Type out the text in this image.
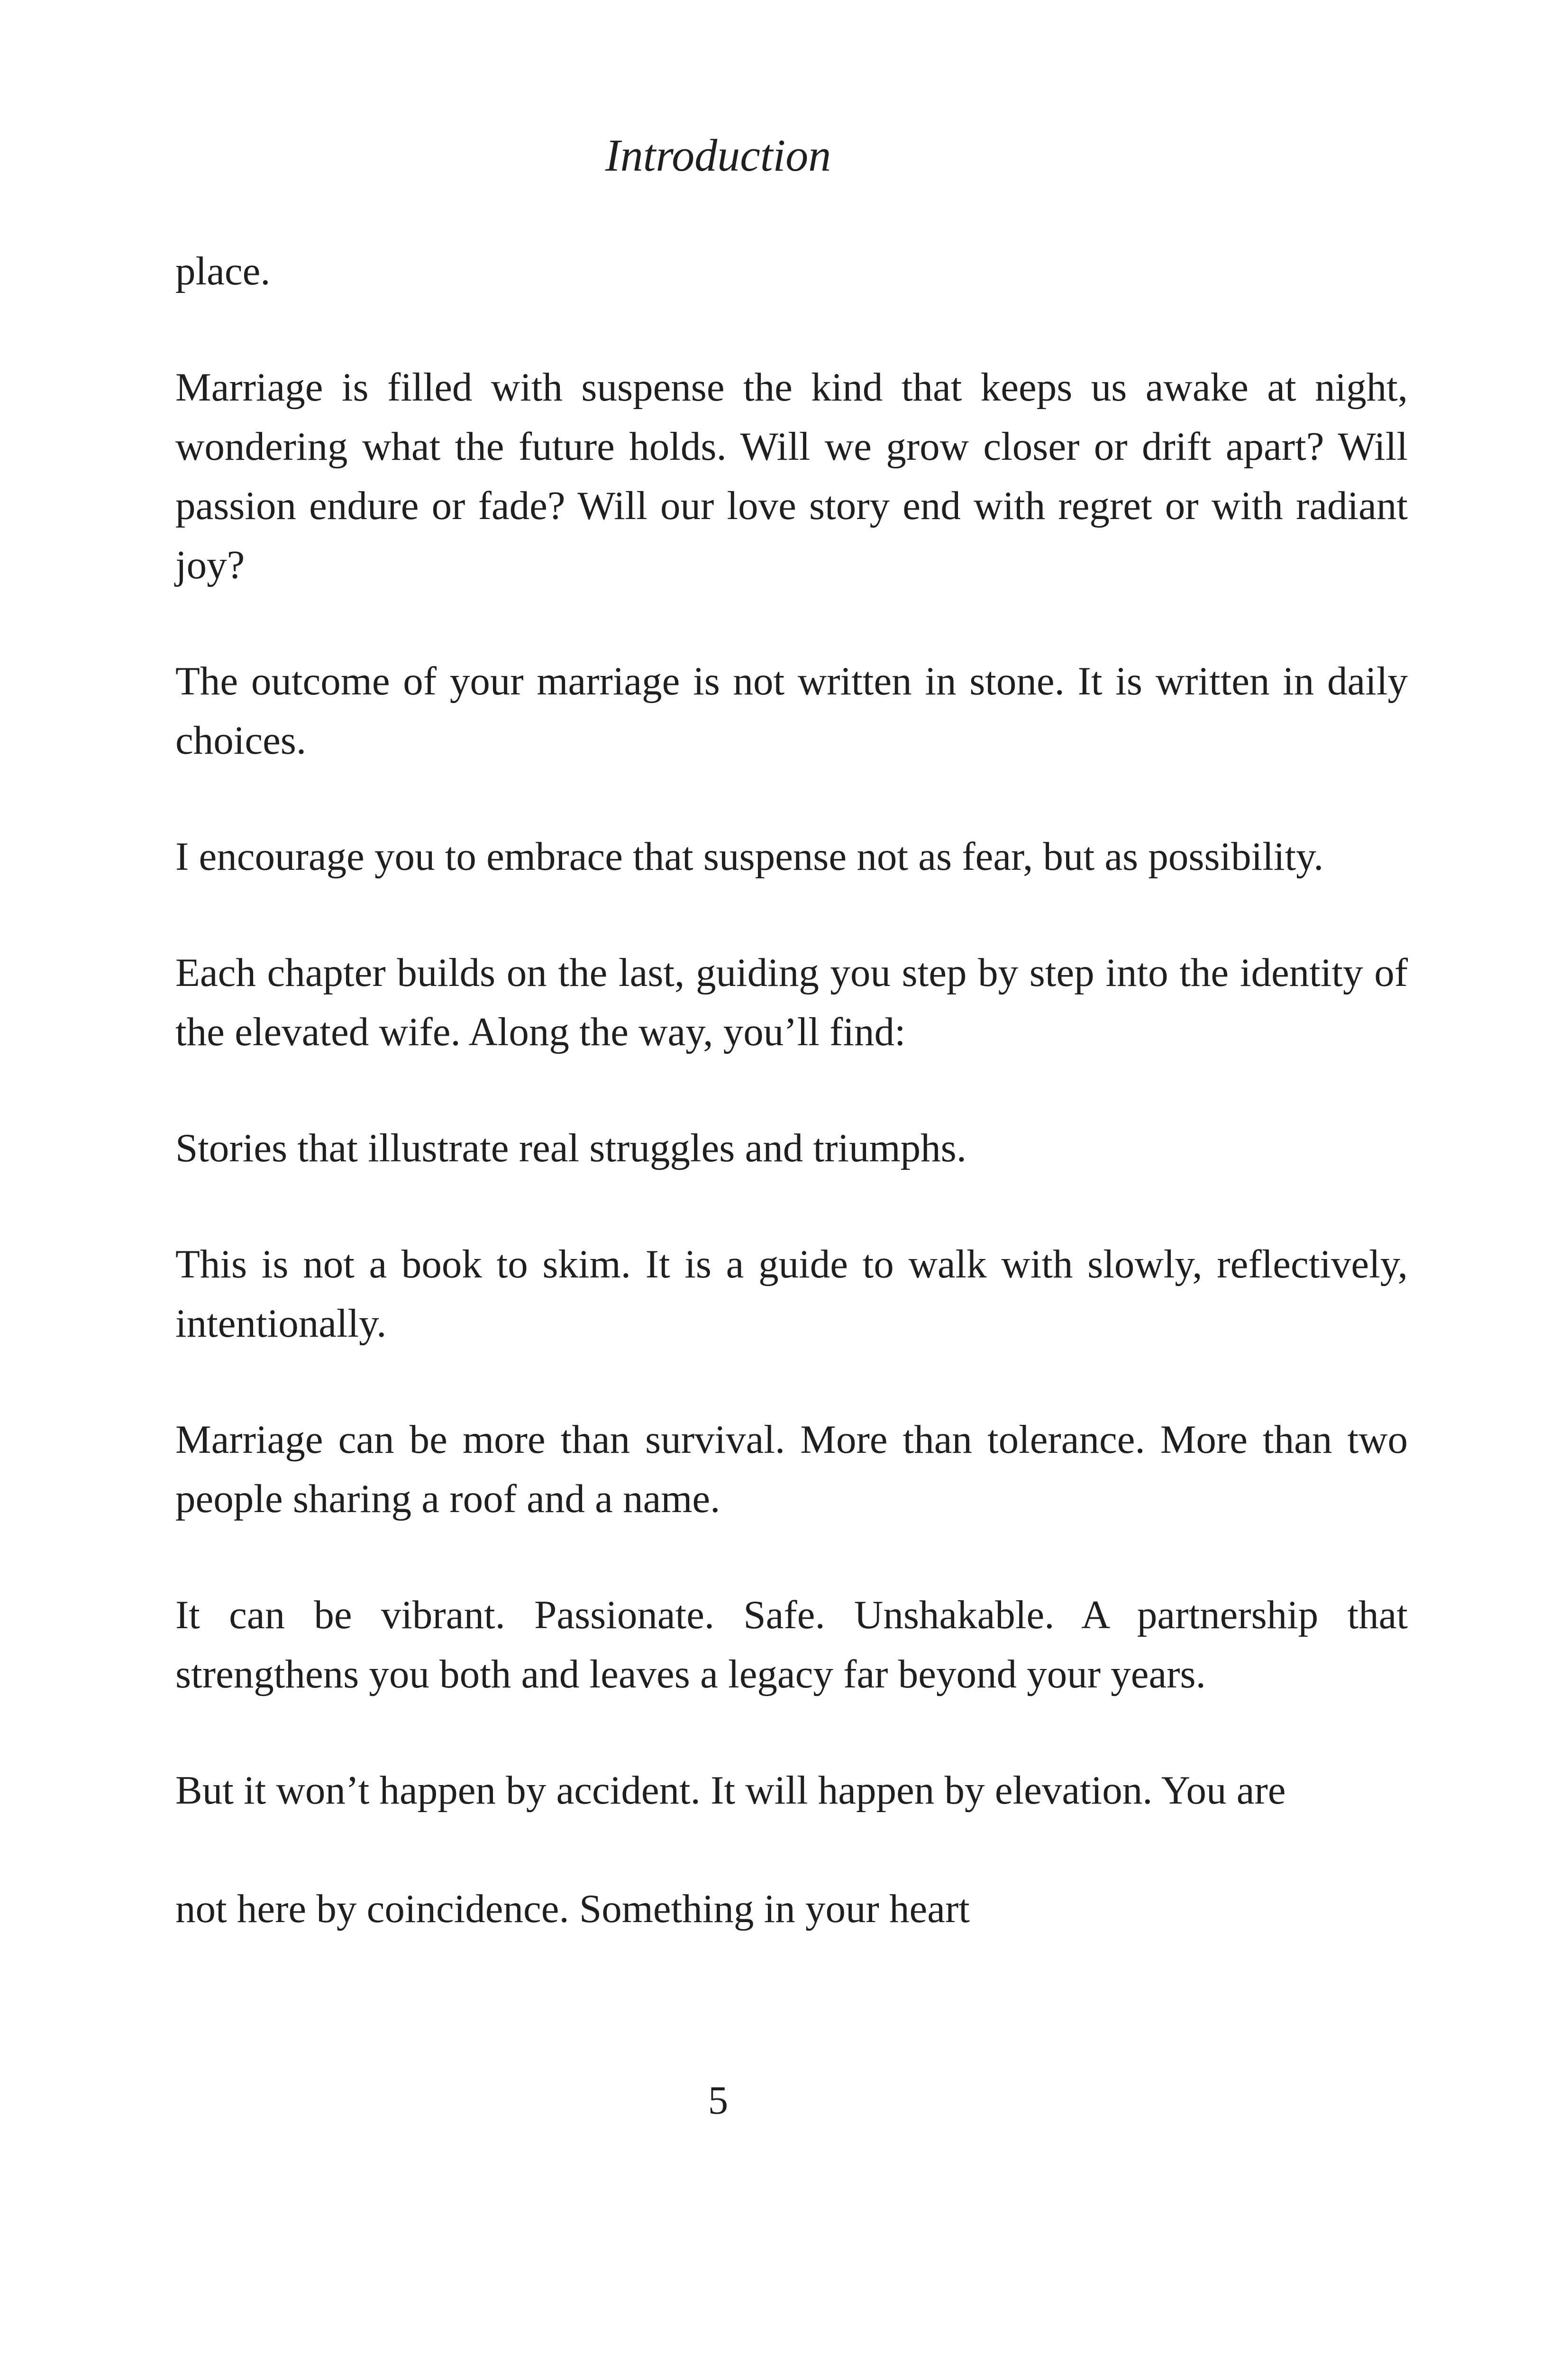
Introduction

place.

Marriage is filled with suspense the kind that keeps us awake at night, wondering what the future holds. Will we grow closer or drift apart? Will passion endure or fade? Will our love story end with regret or with radiant joy?

The outcome of your marriage is not written in stone. It is written in daily choices.

I encourage you to embrace that suspense not as fear, but as possibility.

Each chapter builds on the last, guiding you step by step into the identity of the elevated wife. Along the way, you’ll find:

Stories that illustrate real struggles and triumphs.

This is not a book to skim. It is a guide to walk with slowly, reflectively, intentionally.

Marriage can be more than survival. More than tolerance. More than two people sharing a roof and a name.

It can be vibrant. Passionate. Safe. Unshakable. A partnership that strengthens you both and leaves a legacy far beyond your years.

But it won’t happen by accident. It will happen by elevation. You are

not here by coincidence. Something in your heart

5
